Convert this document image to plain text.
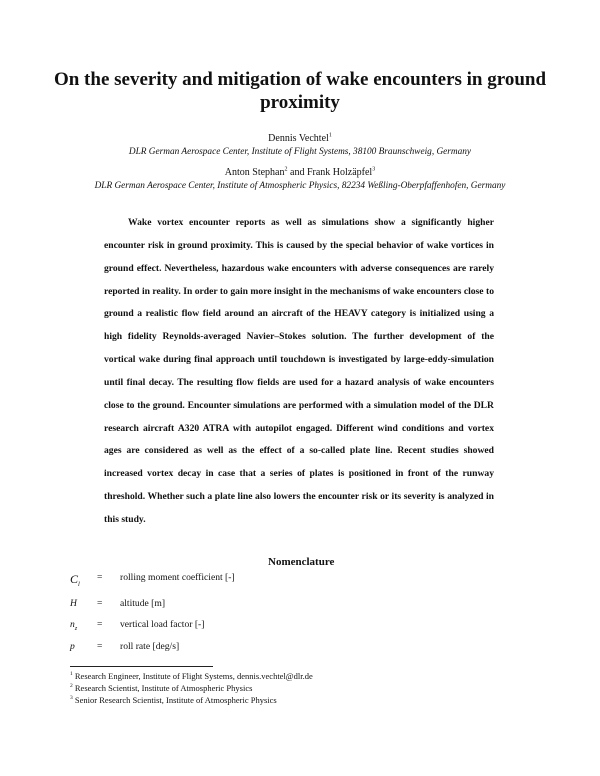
On the severity and mitigation of wake encounters in ground proximity
Dennis Vechtel$^1$
DLR German Aerospace Center, Institute of Flight Systems, 38100 Braunschweig, Germany
Anton Stephan$^2$ and Frank Holzäpfel$^3$
DLR German Aerospace Center, Institute of Atmospheric Physics, 82234 Weßling-Oberpfaffenhofen, Germany

Wake vortex encounter reports as well as simulations show a significantly higher encounter risk in ground proximity. This is caused by the special behavior of wake vortices in ground effect. Nevertheless, hazardous wake encounters with adverse consequences are rarely reported in reality. In order to gain more insight in the mechanisms of wake encounters close to ground a realistic flow field around an aircraft of the HEAVY category is initialized using a high fidelity Reynolds-averaged Navier–Stokes solution. The further development of the vortical wake during final approach until touchdown is investigated by large-eddy-simulation until final decay. The resulting flow fields are used for a hazard analysis of wake encounters close to the ground. Encounter simulations are performed with a simulation model of the DLR research aircraft A320 ATRA with autopilot engaged. Different wind conditions and vortex ages are considered as well as the effect of a so-called plate line. Recent studies showed increased vortex decay in case that a series of plates is positioned in front of the runway threshold. Whether such a plate line also lowers the encounter risk or its severity is analyzed in this study.

Nomenclature
$C_l$
= rolling moment coefficient [-]
H = altitude [m]
$n_z$ = vertical load factor [-]
p = roll rate [deg/s]
$^1$ Research Engineer, Institute of Flight Systems, dennis.vechtel@dlr.de
$^2$ Research Scientist, Institute of Atmospheric Physics
$^3$ Senior Research Scientist, Institute of Atmospheric Physics
